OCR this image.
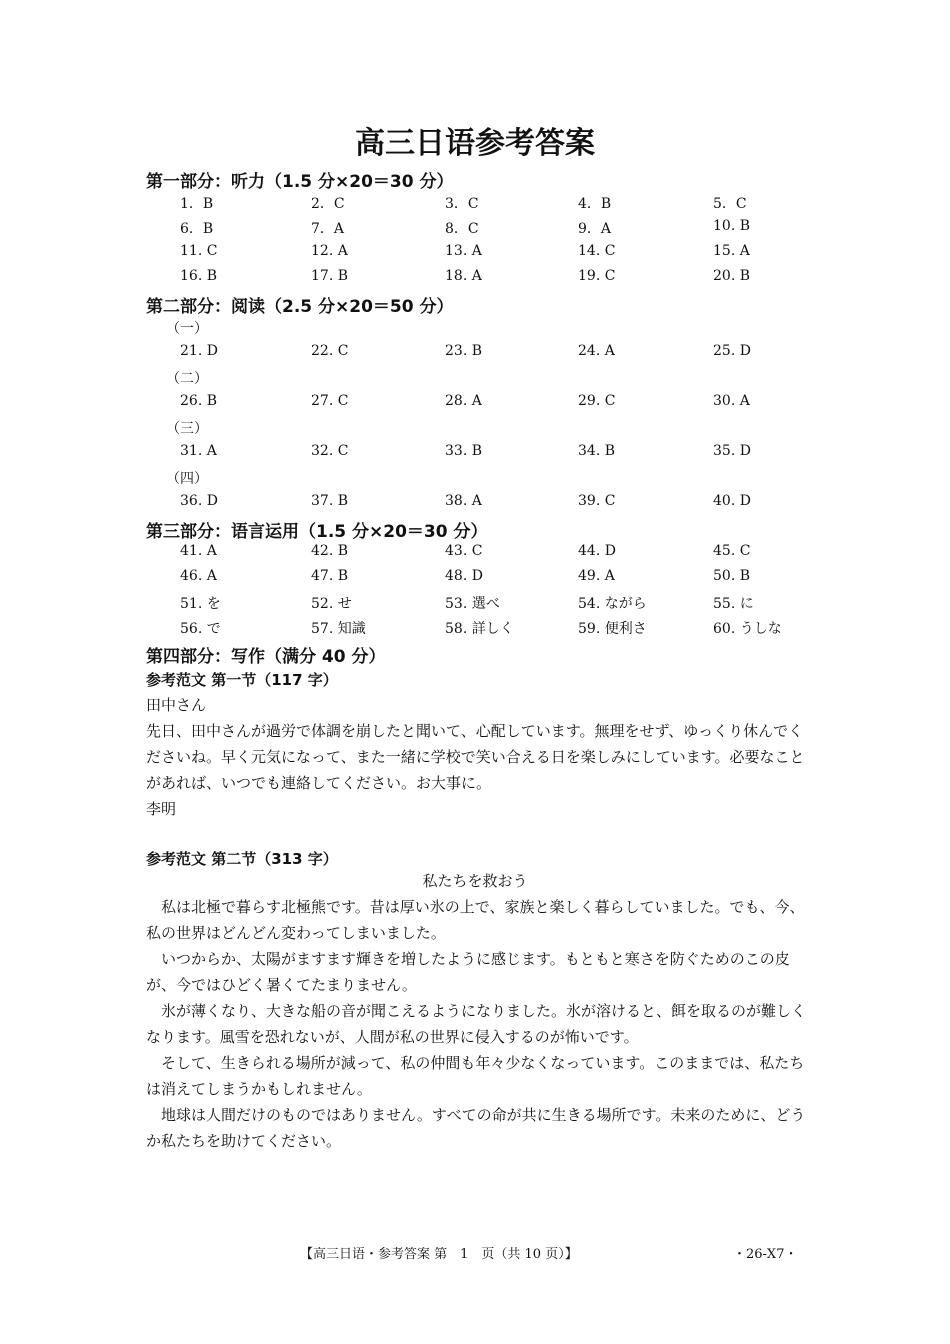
高三日语参考答案
第一部分：听力（1.5 分×20＝30 分）
1．B	2．C	3．C	4．B	5．C
6．B	7．A	8．C	9．A	10. B
11. C	12. A	13. A	14. C	15. A
16. B	17. B	18. A	19. C	20. B
第二部分：阅读（2.5 分×20＝50 分）
（一）
21. D	22. C	23. B	24. A	25. D
（二）
26. B	27. C	28. A	29. C	30. A
（三）
31. A	32. C	33. B	34. B	35. D
（四）
36. D	37. B	38. A	39. C	40. D
第三部分：语言运用（1.5 分×20＝30 分）
41. A	42. B	43. C	44. D	45. C
46. A	47. B	48. D	49. A	50. B
51. を	52. せ	53. 選べ	54. ながら	55. に
56. で	57. 知識	58. 詳しく	59. 便利さ	60. うしな
第四部分：写作（满分 40 分）
参考范文 第一节（117 字）
田中さん
先日、田中さんが過労で体調を崩したと聞いて、心配しています。無理をせず、ゆっくり休んでくださいね。早く元気になって、また一緒に学校で笑い合える日を楽しみにしています。必要なことがあれば、いつでも連絡してください。お大事に。
李明
参考范文 第二节（313 字）
私たちを救おう

私は北極で暮らす北極熊です。昔は厚い氷の上で、家族と楽しく暮らしていました。でも、今、私の世界はどんどん変わってしまいました。

いつからか、太陽がますます輝きを増したように感じます。もともと寒さを防ぐためのこの皮が、今ではひどく暑くてたまりません。

氷が薄くなり、大きな船の音が聞こえるようになりました。氷が溶けると、餌を取るのが難しくなります。風雪を恐れないが、人間が私の世界に侵入するのが怖いです。

そして、生きられる場所が減って、私の仲間も年々少なくなっています。このままでは、私たちは消えてしまうかもしれません。

地球は人間だけのものではありません。すべての命が共に生きる場所です。未来のために、どうか私たちを助けてください。

【高三日语・参考答案 第　1　页（共 10 页）】	・26-X7・
